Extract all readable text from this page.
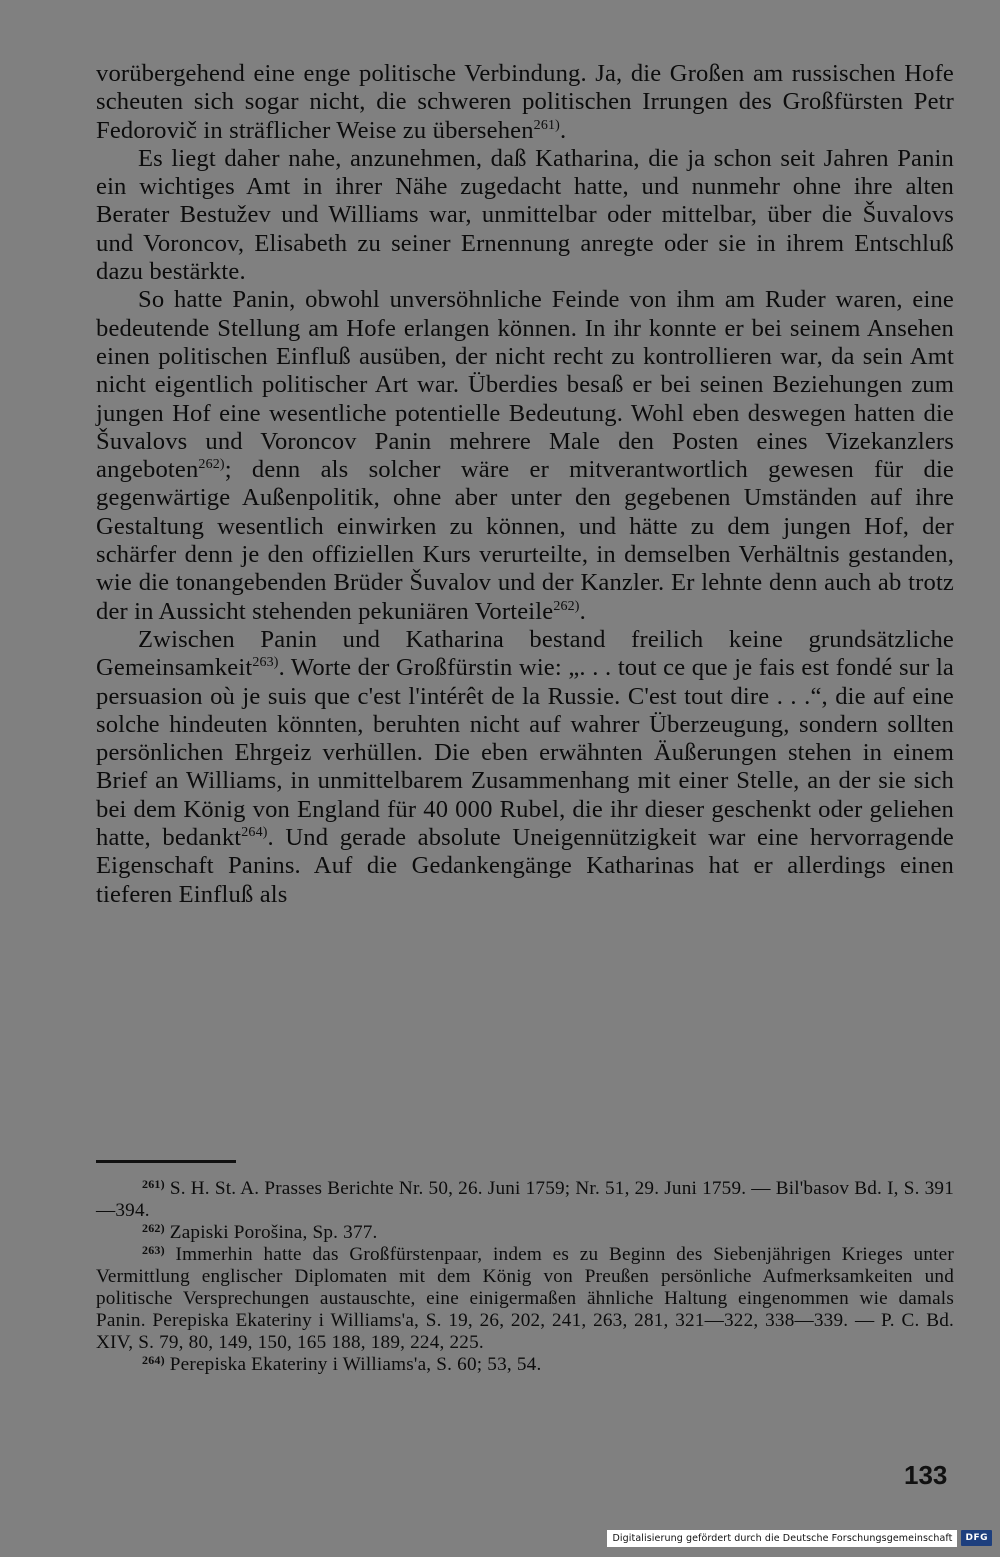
vorübergehend eine enge politische Verbindung. Ja, die Großen am russischen Hofe scheuten sich sogar nicht, die schweren politischen Irrungen des Großfürsten Petr Fedorovič in sträflicher Weise zu übersehen$^{261)}$.

Es liegt daher nahe, anzunehmen, daß Katharina, die ja schon seit Jahren Panin ein wichtiges Amt in ihrer Nähe zugedacht hatte, und nunmehr ohne ihre alten Berater Bestužev und Williams war, unmittelbar oder mittelbar, über die Šuvalovs und Voroncov, Elisabeth zu seiner Ernennung anregte oder sie in ihrem Entschluß dazu bestärkte.

So hatte Panin, obwohl unversöhnliche Feinde von ihm am Ruder waren, eine bedeutende Stellung am Hofe erlangen können. In ihr konnte er bei seinem Ansehen einen politischen Einfluß ausüben, der nicht recht zu kontrollieren war, da sein Amt nicht eigentlich politischer Art war. Überdies besaß er bei seinen Beziehungen zum jungen Hof eine wesentliche potentielle Bedeutung. Wohl eben deswegen hatten die Šuvalovs und Voroncov Panin mehrere Male den Posten eines Vizekanzlers angeboten$^{262)}$; denn als solcher wäre er mitverantwortlich gewesen für die gegenwärtige Außenpolitik, ohne aber unter den gegebenen Umständen auf ihre Gestaltung wesentlich einwirken zu können, und hätte zu dem jungen Hof, der schärfer denn je den offiziellen Kurs verurteilte, in demselben Verhältnis gestanden, wie die tonangebenden Brüder Šuvalov und der Kanzler. Er lehnte denn auch ab trotz der in Aussicht stehenden pekuniären Vorteile$^{262)}$.

Zwischen Panin und Katharina bestand freilich keine grundsätzliche Gemeinsamkeit$^{263)}$. Worte der Großfürstin wie: „. . . tout ce que je fais est fondé sur la persuasion où je suis que c'est l'intérêt de la Russie. C'est tout dire . . .“, die auf eine solche hindeuten könnten, beruhten nicht auf wahrer Überzeugung, sondern sollten persönlichen Ehrgeiz verhüllen. Die eben erwähnten Äußerungen stehen in einem Brief an Williams, in unmittelbarem Zusammenhang mit einer Stelle, an der sie sich bei dem König von England für 40 000 Rubel, die ihr dieser geschenkt oder geliehen hatte, bedankt$^{264)}$. Und gerade absolute Uneigennützigkeit war eine hervorragende Eigenschaft Panins. Auf die Gedankengänge Katharinas hat er allerdings einen tieferen Einfluß als

$^{261)}$ S. H. St. A. Prasses Berichte Nr. 50, 26. Juni 1759; Nr. 51, 29. Juni 1759. — Bil'basov Bd. I, S. 391—394.

$^{262)}$ Zapiski Porošina, Sp. 377.

$^{263)}$ Immerhin hatte das Großfürstenpaar, indem es zu Beginn des Siebenjährigen Krieges unter Vermittlung englischer Diplomaten mit dem König von Preußen persönliche Aufmerksamkeiten und politische Versprechungen austauschte, eine einigermaßen ähnliche Haltung eingenommen wie damals Panin. Perepiska Ekateriny i Williams'a, S. 19, 26, 202, 241, 263, 281, 321—322, 338—339. — P. C. Bd. XIV, S. 79, 80, 149, 150, 165 188, 189, 224, 225.

$^{264)}$ Perepiska Ekateriny i Williams'a, S. 60; 53, 54.

133
Digitalisierung gefördert durch die Deutsche Forschungsgemeinschaft	DFG
